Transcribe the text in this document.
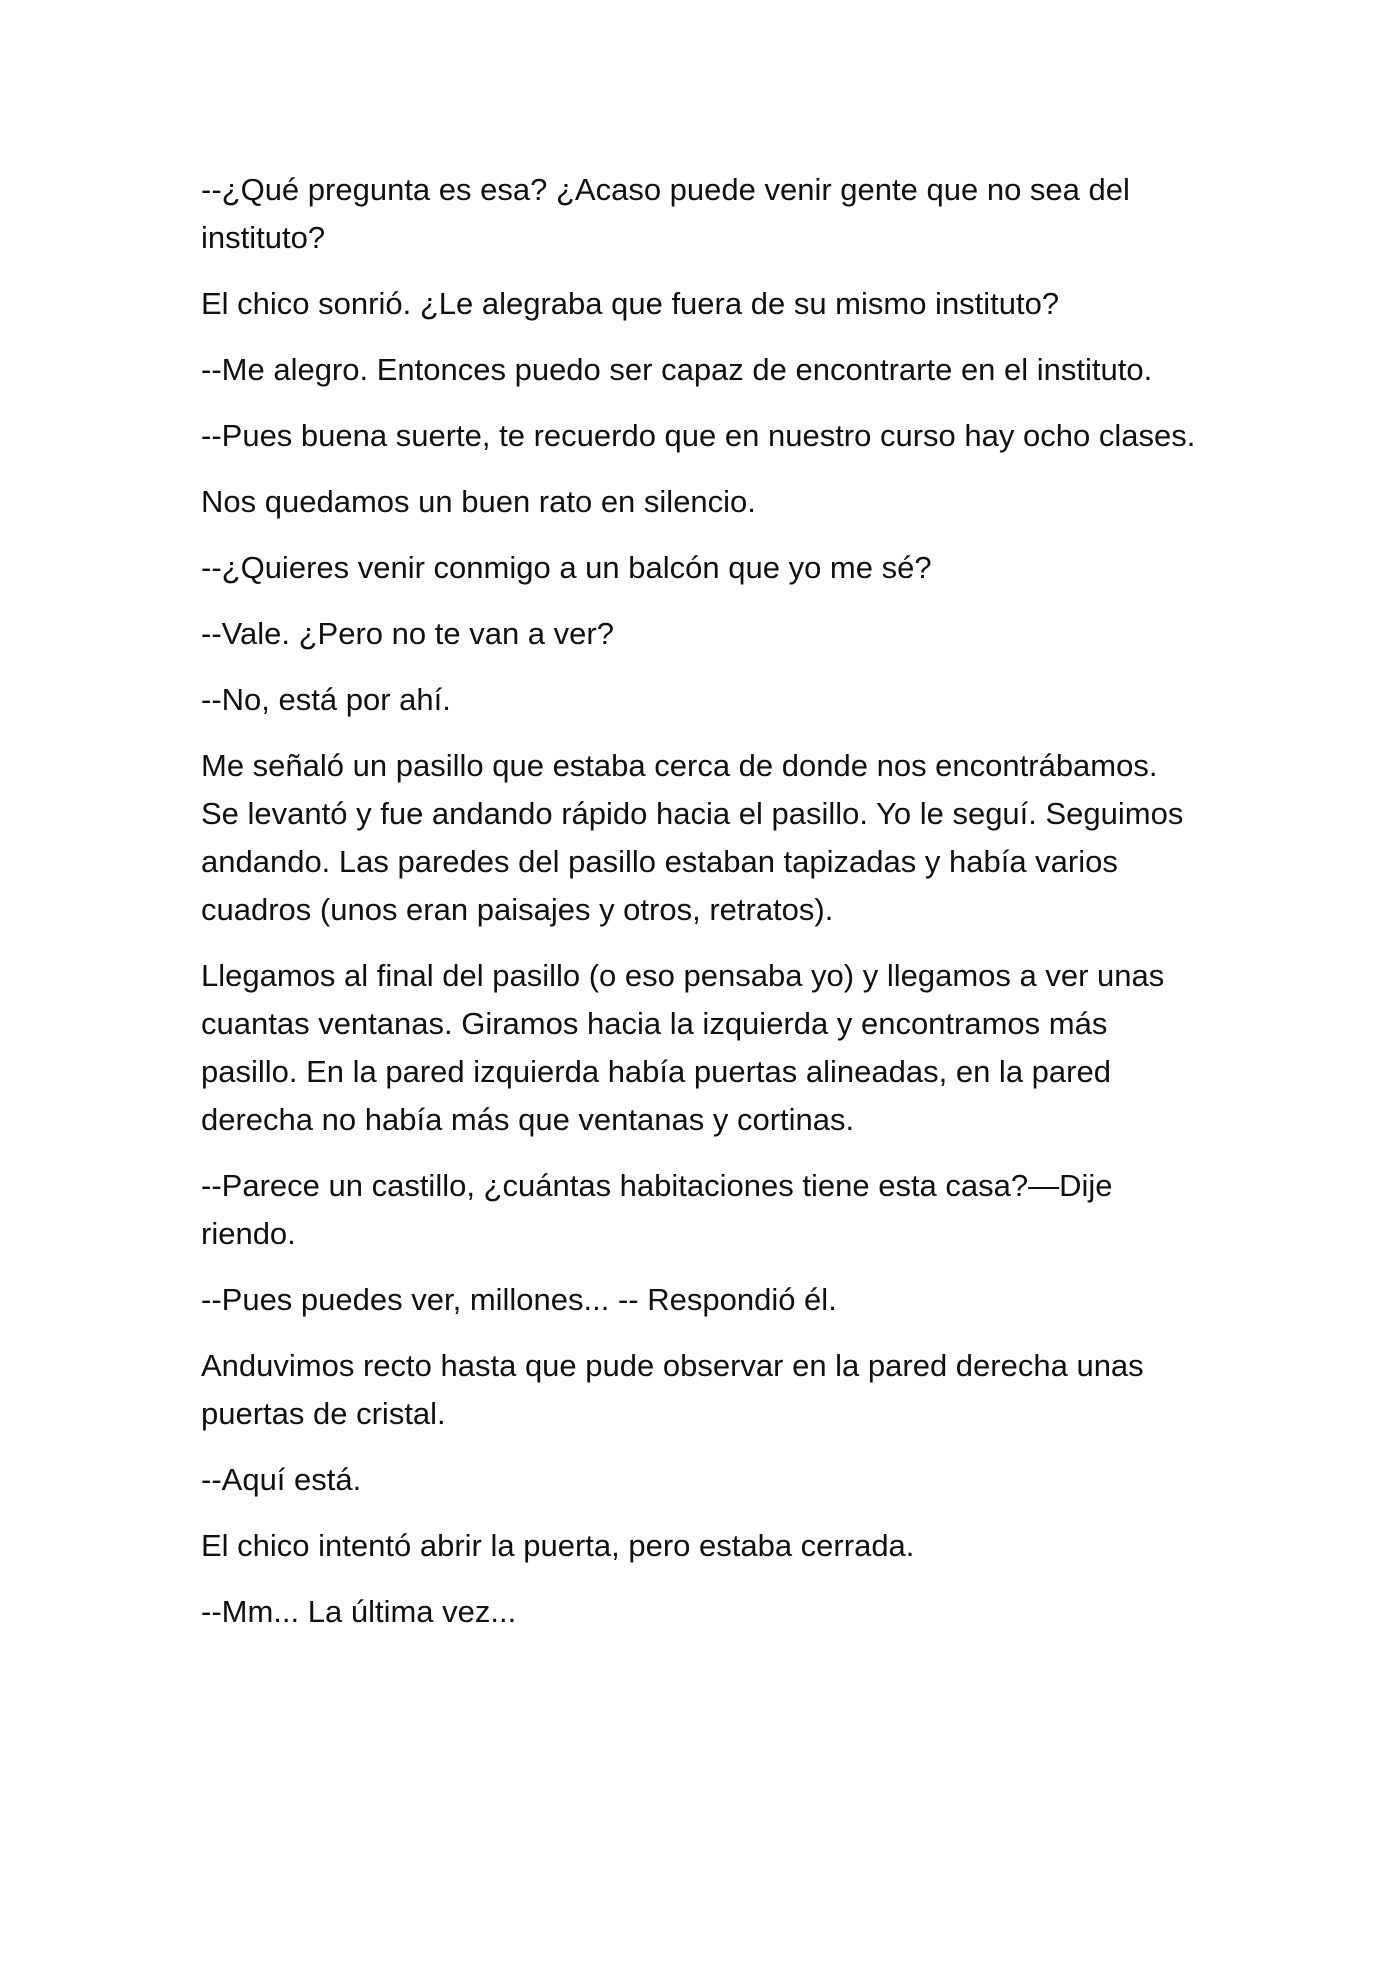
--¿Qué pregunta es esa? ¿Acaso puede venir gente que no sea del instituto?

El chico sonrió. ¿Le alegraba que fuera de su mismo instituto?

--Me alegro. Entonces puedo ser capaz de encontrarte en el instituto.

--Pues buena suerte, te recuerdo que en nuestro curso hay ocho clases.

Nos quedamos un buen rato en silencio.

--¿Quieres venir conmigo a un balcón que yo me sé?

--Vale. ¿Pero no te van a ver?

--No, está por ahí.

Me señaló un pasillo que estaba cerca de donde nos encontrábamos. Se levantó y fue andando rápido hacia el pasillo. Yo le seguí. Seguimos andando. Las paredes del pasillo estaban tapizadas y había varios cuadros (unos eran paisajes y otros, retratos).

Llegamos al final del pasillo (o eso pensaba yo) y llegamos a ver unas cuantas ventanas. Giramos hacia la izquierda y encontramos más pasillo. En la pared izquierda había puertas alineadas, en la pared derecha no había más que ventanas y cortinas.

--Parece un castillo, ¿cuántas habitaciones tiene esta casa?—Dije riendo.

--Pues puedes ver, millones... -- Respondió él.

Anduvimos recto hasta que pude observar en la pared derecha unas puertas de cristal.

--Aquí está.

El chico intentó abrir la puerta, pero estaba cerrada.

--Mm... La última vez...
